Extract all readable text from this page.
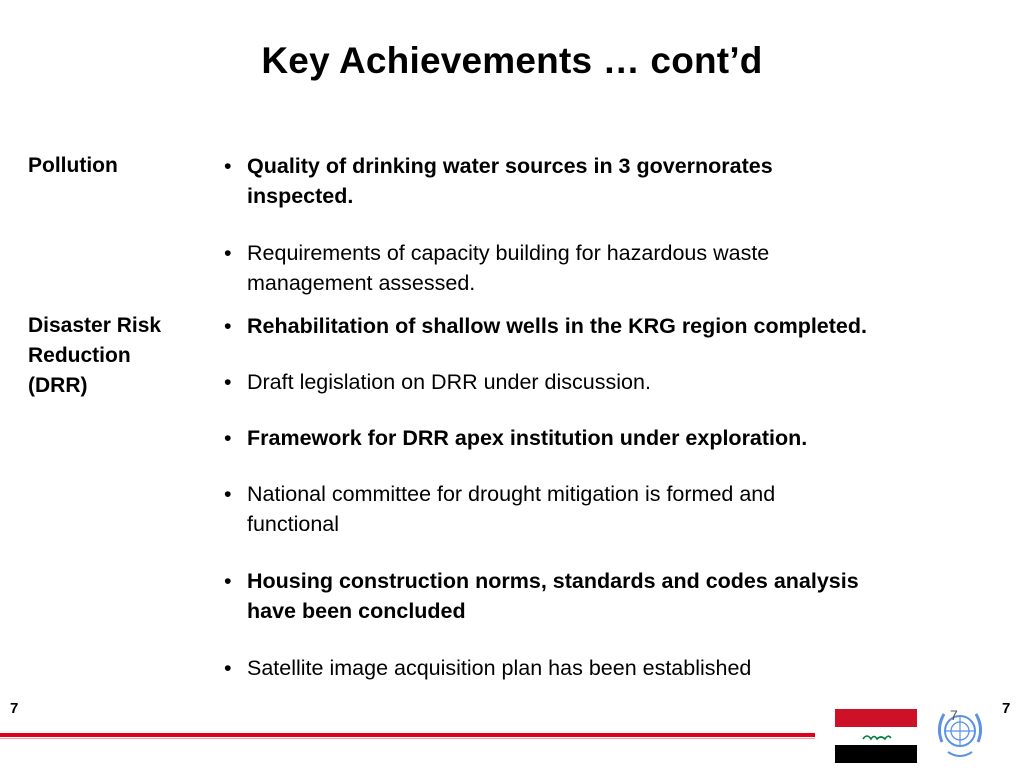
Key Achievements … cont’d
Pollution	• Quality of drinking water sources in 3 governorates
inspected.
• Requirements of capacity building for hazardous waste
management assessed.
Disaster Risk
Reduction
(DRR)
• Rehabilitation of shallow wells in the KRG region completed.
• Draft legislation on DRR under discussion.
• Framework for DRR apex institution under exploration.
• National committee for drought mitigation is formed and
functional
• Housing construction norms, standards and codes analysis
have been concluded
• Satellite image acquisition plan has been established
7	7
7
